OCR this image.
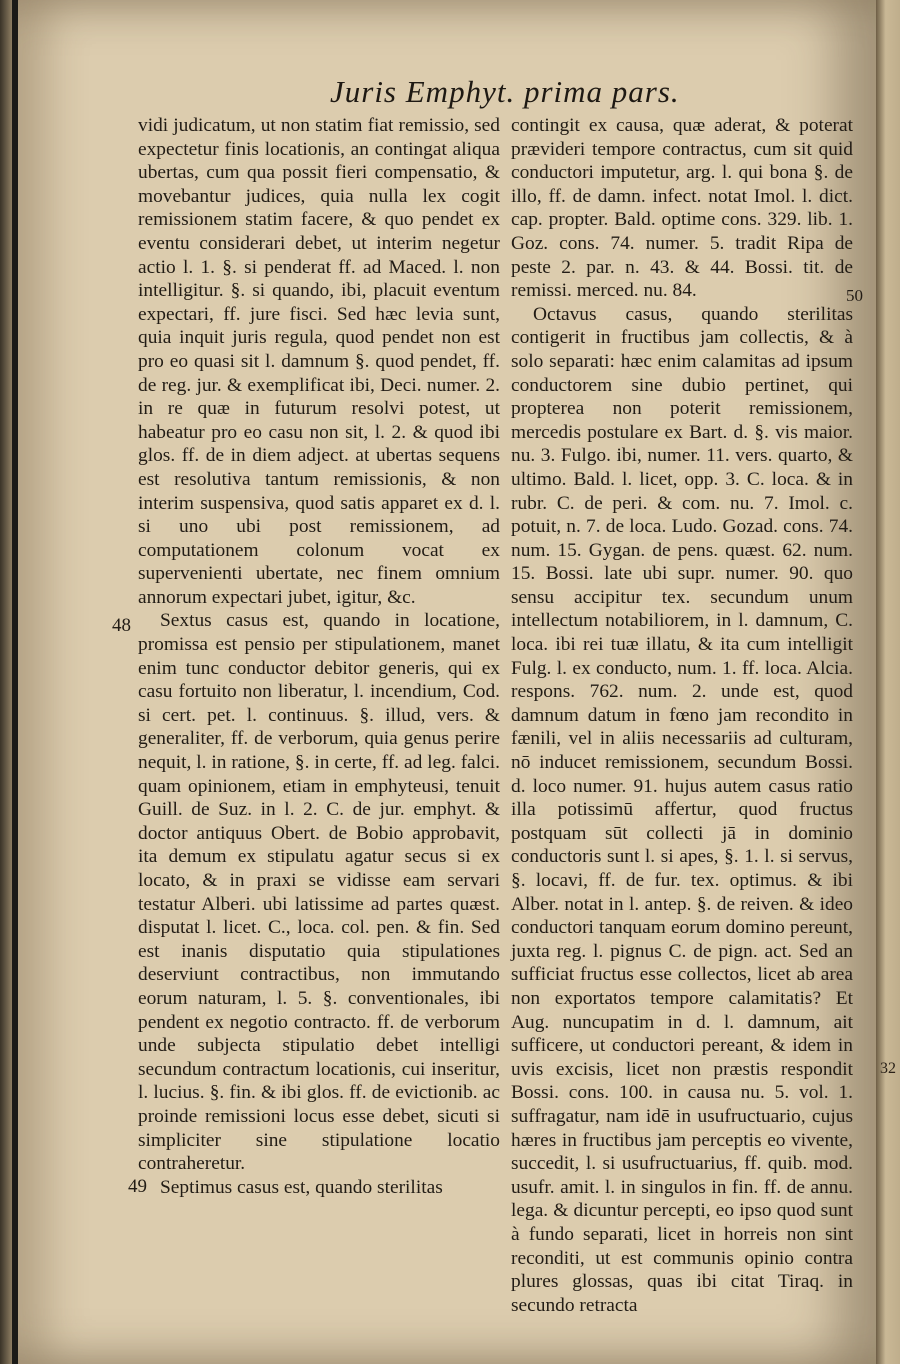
Juris Emphyt. prima pars.

vidi judicatum, ut non statim fiat remissio, sed expectetur finis locationis, an contingat aliqua ubertas, cum qua possit fieri compensatio, & movebantur judices, quia nulla lex cogit remissionem statim facere, & quo pendet ex eventu considerari debet, ut interim negetur actio l. 1. §. si penderat ff. ad Maced. l. non intelligitur. §. si quando, ibi, placuit eventum expectari, ff. jure fisci. Sed hæc levia sunt, quia inquit juris regula, quod pendet non est pro eo quasi sit l. damnum §. quod pendet, ff. de reg. jur. & exemplificat ibi, Deci. numer. 2. in re quæ in futurum resolvi potest, ut habeatur pro eo casu non sit, l. 2. & quod ibi glos. ff. de in diem adject. at ubertas sequens est resolutiva tantum remissionis, & non interim suspensiva, quod satis apparet ex d. l. si uno ubi post remissionem, ad computationem colonum vocat ex supervenienti ubertate, nec finem omnium annorum expectari jubet, igitur, &c.

Sextus casus est, quando in locatione, promissa est pensio per stipulationem, manet enim tunc conductor debitor generis, qui ex casu fortuito non liberatur, l. incendium, Cod. si cert. pet. l. continuus. §. illud, vers. & generaliter, ff. de verborum, quia genus perire nequit, l. in ratione, §. in certe, ff. ad leg. falci. quam opinionem, etiam in emphyteusi, tenuit Guill. de Suz. in l. 2. C. de jur. emphyt. & doctor antiquus Obert. de Bobio approbavit, ita demum ex stipulatu agatur secus si ex locato, & in praxi se vidisse eam servari testatur Alberi. ubi latissime ad partes quæst. disputat l. licet. C., loca. col. pen. & fin. Sed est inanis disputatio quia stipulationes deserviunt contractibus, non immutando eorum naturam, l. 5. §. conventionales, ibi pendent ex negotio contracto. ff. de verborum unde subjecta stipulatio debet intelligi secundum contractum locationis, cui inseritur, l. lucius. §. fin. & ibi glos. ff. de evictionib. ac proinde remissioni locus esse debet, sicuti si simpliciter sine stipulatione locatio contraheretur.

Septimus casus est, quando sterilitas

contingit ex causa, quæ aderat, & poterat prævideri tempore contractus, cum sit quid conductori imputetur, arg. l. qui bona §. de illo, ff. de damn. infect. notat Imol. l. dict. cap. propter. Bald. optime cons. 329. lib. 1. Goz. cons. 74. numer. 5. tradit Ripa de peste 2. par. n. 43. & 44. Bossi. tit. de remissi. merced. nu. 84.

Octavus casus, quando sterilitas contigerit in fructibus jam collectis, & à solo separati: hæc enim calamitas ad ipsum conductorem sine dubio pertinet, qui propterea non poterit remissionem, mercedis postulare ex Bart. d. §. vis maior. nu. 3. Fulgo. ibi, numer. 11. vers. quarto, & ultimo. Bald. l. licet, opp. 3. C. loca. & in rubr. C. de peri. & com. nu. 7. Imol. c. potuit, n. 7. de loca. Ludo. Gozad. cons. 74. num. 15. Gygan. de pens. quæst. 62. num. 15. Bossi. late ubi supr. numer. 90. quo sensu accipitur tex. secundum unum intellectum notabiliorem, in l. damnum, C. loca. ibi rei tuæ illatu, & ita cum intelligit Fulg. l. ex conducto, num. 1. ff. loca. Alcia. respons. 762. num. 2. unde est, quod damnum datum in fœno jam recondito in fænili, vel in aliis necessariis ad culturam, nō inducet remissionem, secundum Bossi. d. loco numer. 91. hujus autem casus ratio illa potissimū affertur, quod fructus postquam sūt collecti jā in dominio conductoris sunt l. si apes, §. 1. l. si servus, §. locavi, ff. de fur. tex. optimus. & ibi Alber. notat in l. antep. §. de reiven. & ideo conductori tanquam eorum domino pereunt, juxta reg. l. pignus C. de pign. act. Sed an sufficiat fructus esse collectos, licet ab area non exportatos tempore calamitatis? Et Aug. nuncupatim in d. l. damnum, ait sufficere, ut conductori pereant, & idem in uvis excisis, licet non præstis respondit Bossi. cons. 100. in causa nu. 5. vol. 1. suffragatur, nam idē in usufructuario, cujus hæres in fructibus jam perceptis eo vivente, succedit, l. si usufructuarius, ff. quib. mod. usufr. amit. l. in singulos in fin. ff. de annu. lega. & dicuntur percepti, eo ipso quod sunt à fundo separati, licet in horreis non sint reconditi, ut est communis opinio contra plures glossas, quas ibi citat Tiraq. in secundo retracta

48
49
50
32
